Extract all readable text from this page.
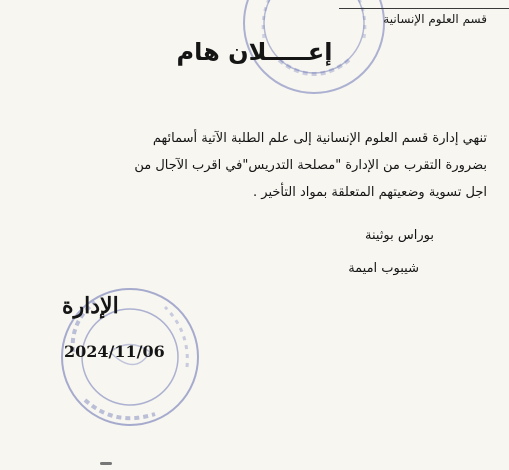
قسم العلوم الإنسانية
إعـــــلان هام

تنهي إدارة قسم العلوم الإنسانية إلى علم الطلبة الآتية أسمائهم

بضرورة التقرب من الإدارة "مصلحة التدريس"في اقرب الآجال من

اجل تسوية وضعيتهم المتعلقة بمواد التأخير .

بوراس بوثينة
شيبوب اميمة
الإدارة
2024/11/06
